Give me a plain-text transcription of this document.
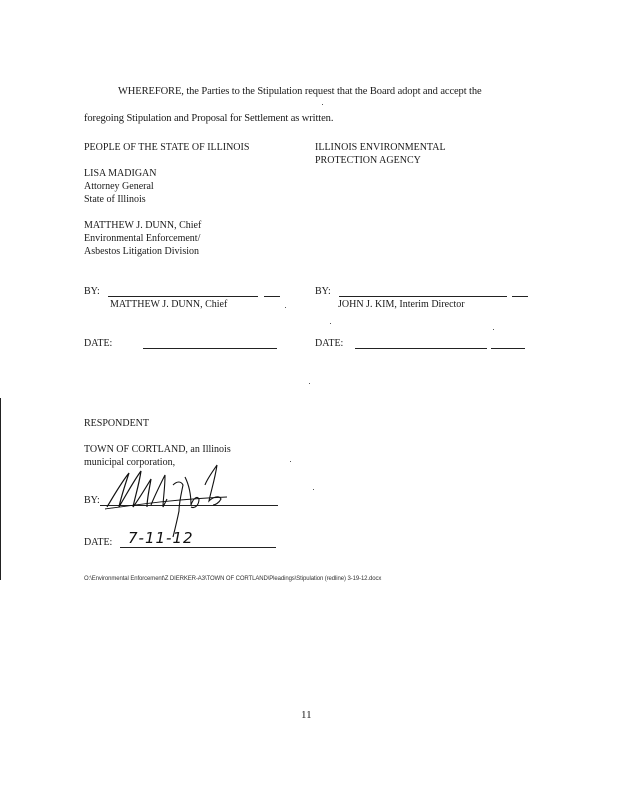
WHEREFORE, the Parties to the Stipulation request that the Board adopt and accept the
foregoing Stipulation and Proposal for Settlement as written.
PEOPLE OF THE STATE OF ILLINOIS
LISA MADIGAN
Attorney General
State of Illinois
MATTHEW J. DUNN, Chief
Environmental Enforcement/
Asbestos Litigation Division
BY:
MATTHEW J. DUNN, Chief
DATE:
ILLINOIS ENVIRONMENTAL
PROTECTION AGENCY
BY:
JOHN J. KIM, Interim Director
DATE:
RESPONDENT
TOWN OF CORTLAND, an Illinois
municipal corporation,
BY:
DATE: 7-11-12
O:\Environmental Enforcement\Z DIERKER-A3\TOWN OF CORTLAND\Pleadings\Stipulation (redline) 3-19-12.docx
11
